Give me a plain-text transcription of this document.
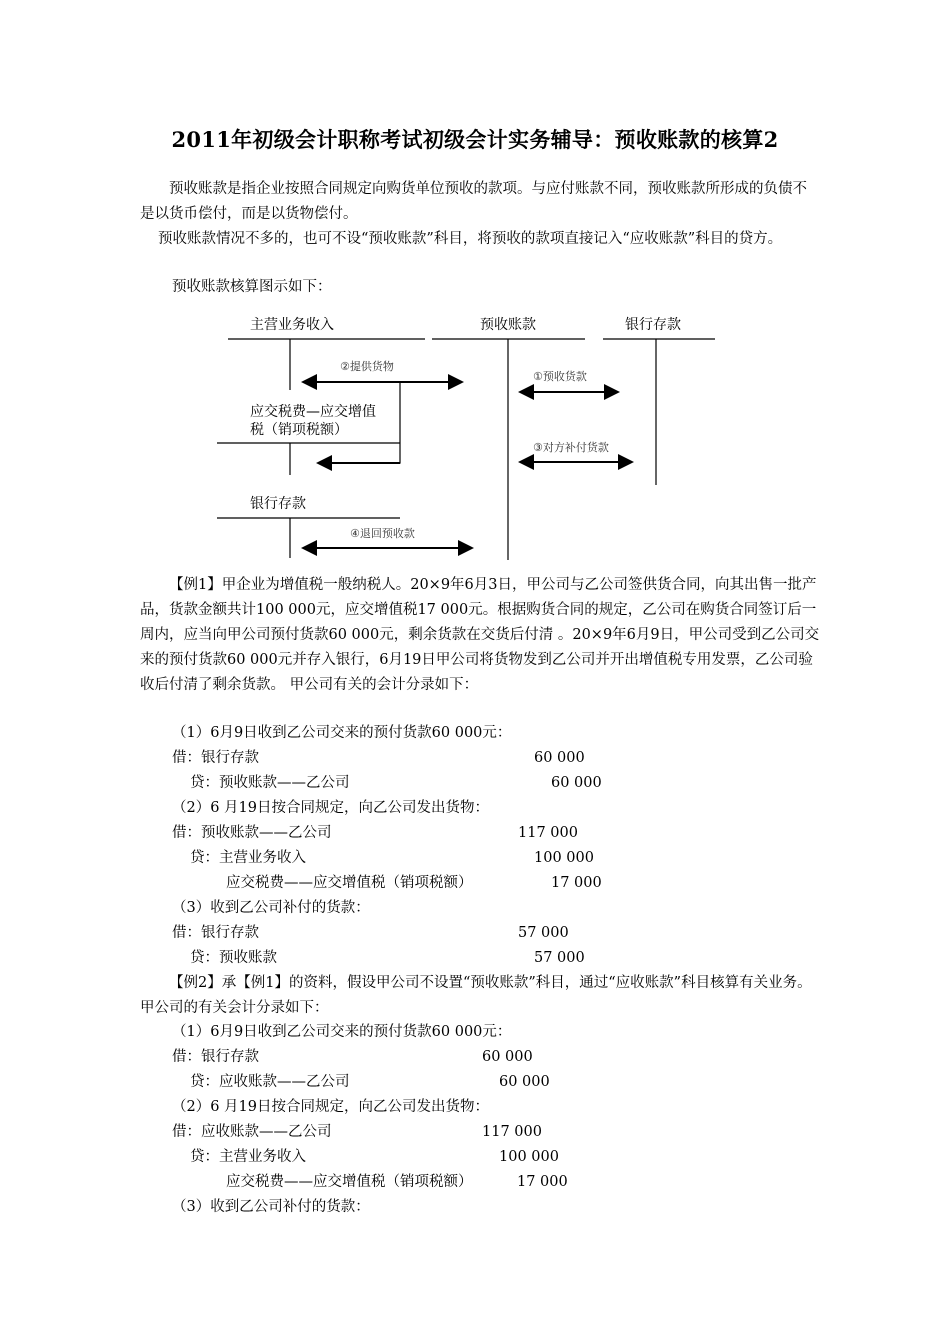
2011年初级会计职称考试初级会计实务辅导：预收账款的核算2
预收账款是指企业按照合同规定向购货单位预收的款项。与应付账款不同，预收账款所形成的负债不是以货币偿付，而是以货物偿付。
预收账款情况不多的，也可不设“预收账款”科目，将预收的款项直接记入“应收账款”科目的贷方。
预收账款核算图示如下：
主营业务收入	预收账款	银行存款
应交税费—应交增值
税（销项税额）
银行存款
②提供货物
①预收货款
③对方补付货款
④退回预收款
【例1】甲企业为增值税一般纳税人。20×9年6月3日，甲公司与乙公司签供货合同，向其出售一批产品，货款金额共计100 000元，应交增值税17 000元。根据购货合同的规定，乙公司在购货合同签订后一周内，应当向甲公司预付货款60 000元，剩余货款在交货后付清 。20×9年6月9日，甲公司受到乙公司交来的预付货款60 000元并存入银行，6月19日甲公司将货物发到乙公司并开出增值税专用发票，乙公司验收后付清了剩余货款。 甲公司有关的会计分录如下：
（1）6月9日收到乙公司交来的预付货款60 000元：
借：银行存款	60 000
贷：预收账款——乙公司	60 000
（2）6 月19日按合同规定，向乙公司发出货物：
借：预收账款——乙公司	117 000
贷：主营业务收入	100 000
应交税费——应交增值税（销项税额）	17 000
（3）收到乙公司补付的货款：
借：银行存款	57 000
贷：预收账款	57 000
【例2】承【例1】的资料，假设甲公司不设置“预收账款”科目，通过“应收账款”科目核算有关业务。甲公司的有关会计分录如下：
（1）6月9日收到乙公司交来的预付货款60 000元：
借：银行存款	60 000
贷：应收账款——乙公司	60 000
（2）6 月19日按合同规定，向乙公司发出货物：
借：应收账款——乙公司	117 000
贷：主营业务收入	100 000
应交税费——应交增值税（销项税额）	17 000
（3）收到乙公司补付的货款：
